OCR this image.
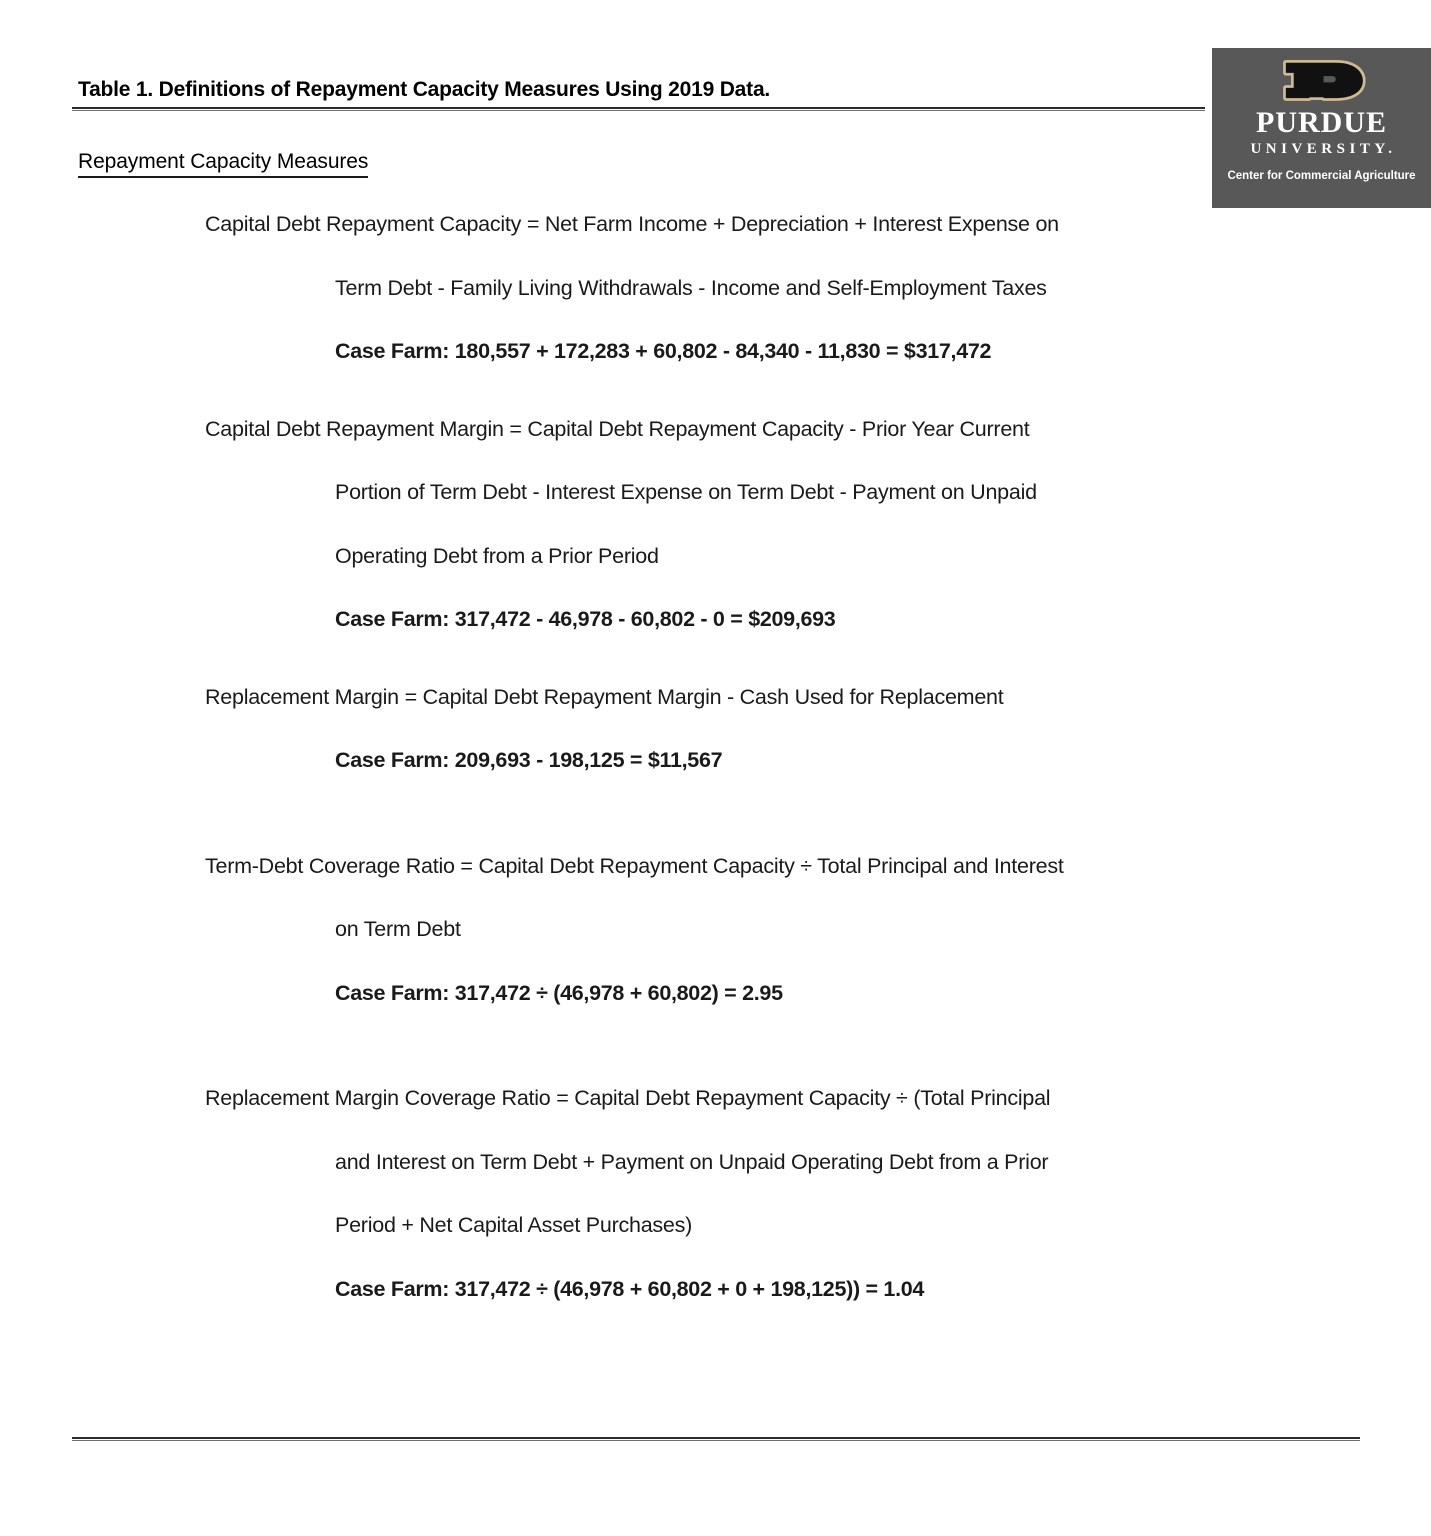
PURDUE
UNIVERSITY.
Center for Commercial Agriculture
Table 1. Definitions of Repayment Capacity Measures Using 2019 Data.
Repayment Capacity Measures
Capital Debt Repayment Capacity = Net Farm Income + Depreciation + Interest Expense on
Term Debt - Family Living Withdrawals - Income and Self-Employment Taxes
Case Farm: 180,557 + 172,283 + 60,802 - 84,340 - 11,830 = $317,472
Capital Debt Repayment Margin = Capital Debt Repayment Capacity - Prior Year Current
Portion of Term Debt - Interest Expense on Term Debt - Payment on Unpaid
Operating Debt from a Prior Period
Case Farm: 317,472 - 46,978 - 60,802 - 0 = $209,693
Replacement Margin = Capital Debt Repayment Margin - Cash Used for Replacement
Case Farm: 209,693 - 198,125 = $11,567
Term-Debt Coverage Ratio = Capital Debt Repayment Capacity ÷ Total Principal and Interest
on Term Debt
Case Farm: 317,472 ÷ (46,978 + 60,802) = 2.95
Replacement Margin Coverage Ratio = Capital Debt Repayment Capacity ÷ (Total Principal
and Interest on Term Debt + Payment on Unpaid Operating Debt from a Prior
Period + Net Capital Asset Purchases)
Case Farm: 317,472 ÷ (46,978 + 60,802 + 0 + 198,125)) = 1.04
